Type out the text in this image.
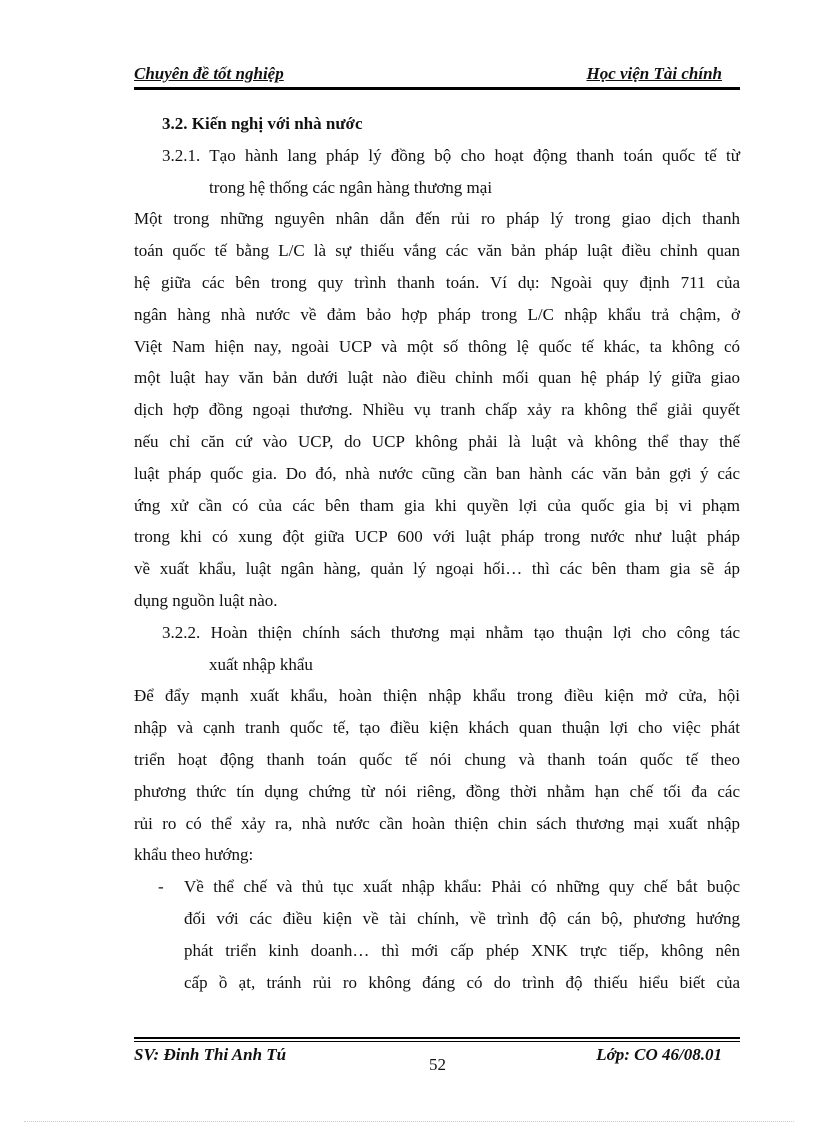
Chuyên đề tốt nghiệp	Học viện Tài chính
3.2. Kiến nghị với nhà nước
3.2.1. Tạo hành lang pháp lý đồng bộ cho hoạt động thanh toán quốc tế từ
trong hệ thống các ngân hàng thương mại
Một trong những nguyên nhân dẫn đến rủi ro pháp lý trong giao dịch thanh
toán quốc tế bằng L/C là sự thiếu vắng các văn bản pháp luật điều chỉnh quan
hệ giữa các bên trong quy trình thanh toán. Ví dụ: Ngoài quy định 711 của
ngân hàng nhà nước về đảm bảo hợp pháp trong L/C nhập khẩu trả chậm, ở
Việt Nam hiện nay, ngoài UCP và một số thông lệ quốc tế khác, ta không có
một luật hay văn bản dưới luật nào điều chỉnh mối quan hệ pháp lý giữa giao
dịch hợp đồng ngoại thương. Nhiều vụ tranh chấp xảy ra không thể giải quyết
nếu chỉ căn cứ vào UCP, do UCP không phải là luật và không thể thay thế
luật pháp quốc gia. Do đó, nhà nước cũng cần ban hành các văn bản gợi ý các
ứng xử cần có của các bên tham gia khi quyền lợi của quốc gia bị vi phạm
trong khi có xung đột giữa UCP 600 với luật pháp trong nước như luật pháp
về xuất khẩu, luật ngân hàng, quản lý ngoại hối… thì các bên tham gia sẽ áp
dụng nguồn luật nào.
3.2.2. Hoàn thiện chính sách thương mại nhằm tạo thuận lợi cho công tác
xuất nhập khẩu
Để đẩy mạnh xuất khẩu, hoàn thiện nhập khẩu trong điều kiện mở cửa, hội
nhập và cạnh tranh quốc tế, tạo điều kiện khách quan thuận lợi cho việc phát
triển hoạt động thanh toán quốc tế nói chung và thanh toán quốc tế theo
phương thức tín dụng chứng từ nói riêng, đồng thời nhằm hạn chế tối đa các
rủi ro có thể xảy ra, nhà nước cần hoàn thiện chin sách thương mại xuất nhập
khẩu theo hướng:
-	Về thể chế và thủ tục xuất nhập khẩu: Phải có những quy chế bắt buộc
đối với các điều kiện về tài chính, về trình độ cán bộ, phương hướng
phát triển kinh doanh… thì mới cấp phép XNK trực tiếp, không nên
cấp ồ ạt, tránh rủi ro không đáng có do trình độ thiếu hiểu biết của
SV: Đinh Thi Anh Tú
52
Lớp: CO 46/08.01
